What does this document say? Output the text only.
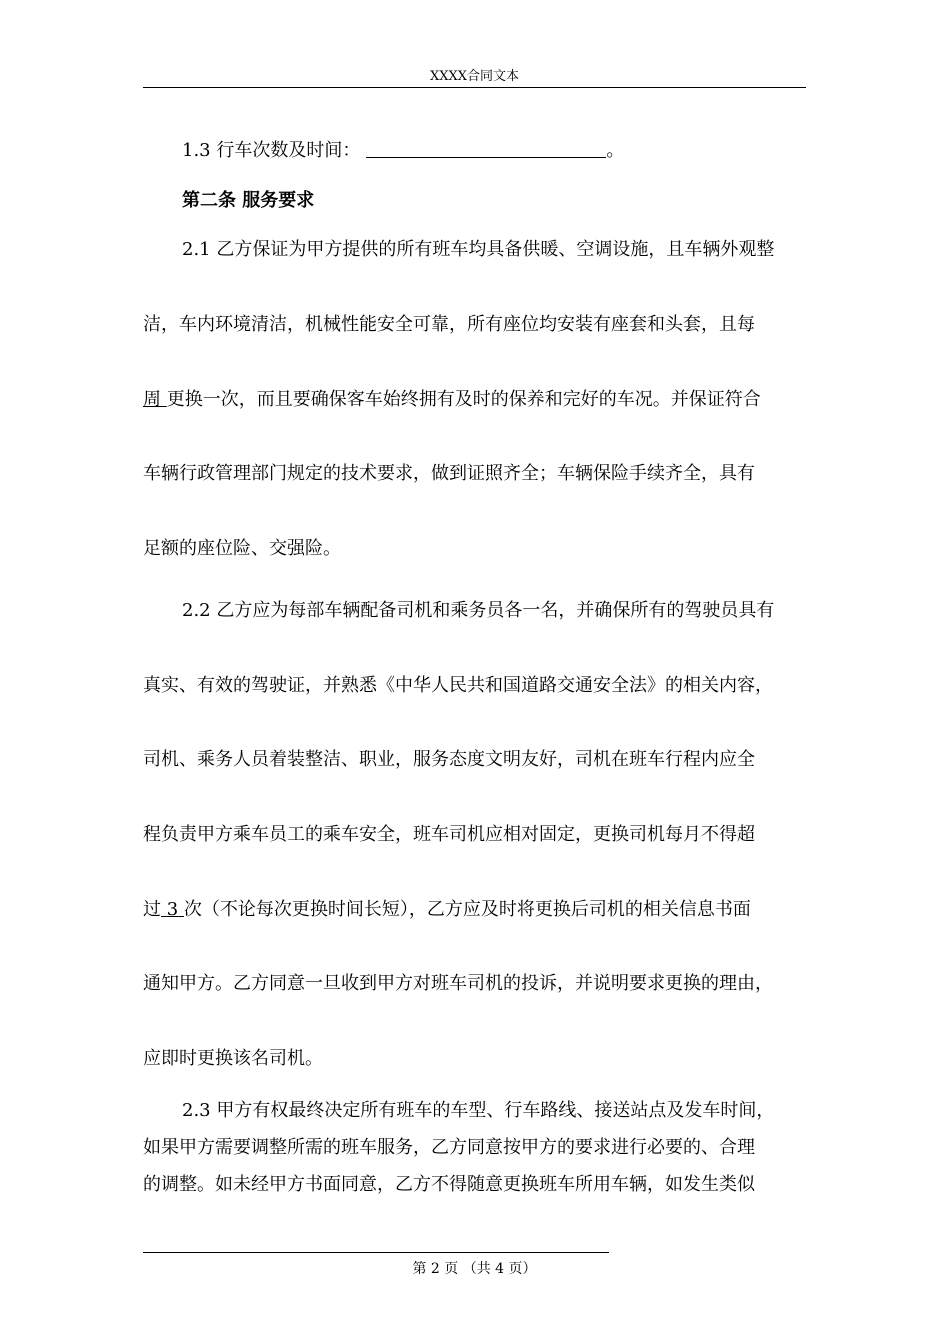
XXXX合同文本
1.3 行车次数及时间：	。
第二条 服务要求
2.1 乙方保证为甲方提供的所有班车均具备供暖、空调设施，且车辆外观整
洁，车内环境清洁，机械性能安全可靠，所有座位均安装有座套和头套，且每
周 更换一次，而且要确保客车始终拥有及时的保养和完好的车况。并保证符合
车辆行政管理部门规定的技术要求，做到证照齐全；车辆保险手续齐全，具有
足额的座位险、交强险。
2.2 乙方应为每部车辆配备司机和乘务员各一名，并确保所有的驾驶员具有
真实、有效的驾驶证，并熟悉《中华人民共和国道路交通安全法》的相关内容，
司机、乘务人员着装整洁、职业，服务态度文明友好，司机在班车行程内应全
程负责甲方乘车员工的乘车安全，班车司机应相对固定，更换司机每月不得超
过 3 次（不论每次更换时间长短），乙方应及时将更换后司机的相关信息书面
通知甲方。乙方同意一旦收到甲方对班车司机的投诉，并说明要求更换的理由，
应即时更换该名司机。
2.3 甲方有权最终决定所有班车的车型、行车路线、接送站点及发车时间，
如果甲方需要调整所需的班车服务，乙方同意按甲方的要求进行必要的、合理
的调整。如未经甲方书面同意，乙方不得随意更换班车所用车辆，如发生类似
第 2 页 （共 4 页）
